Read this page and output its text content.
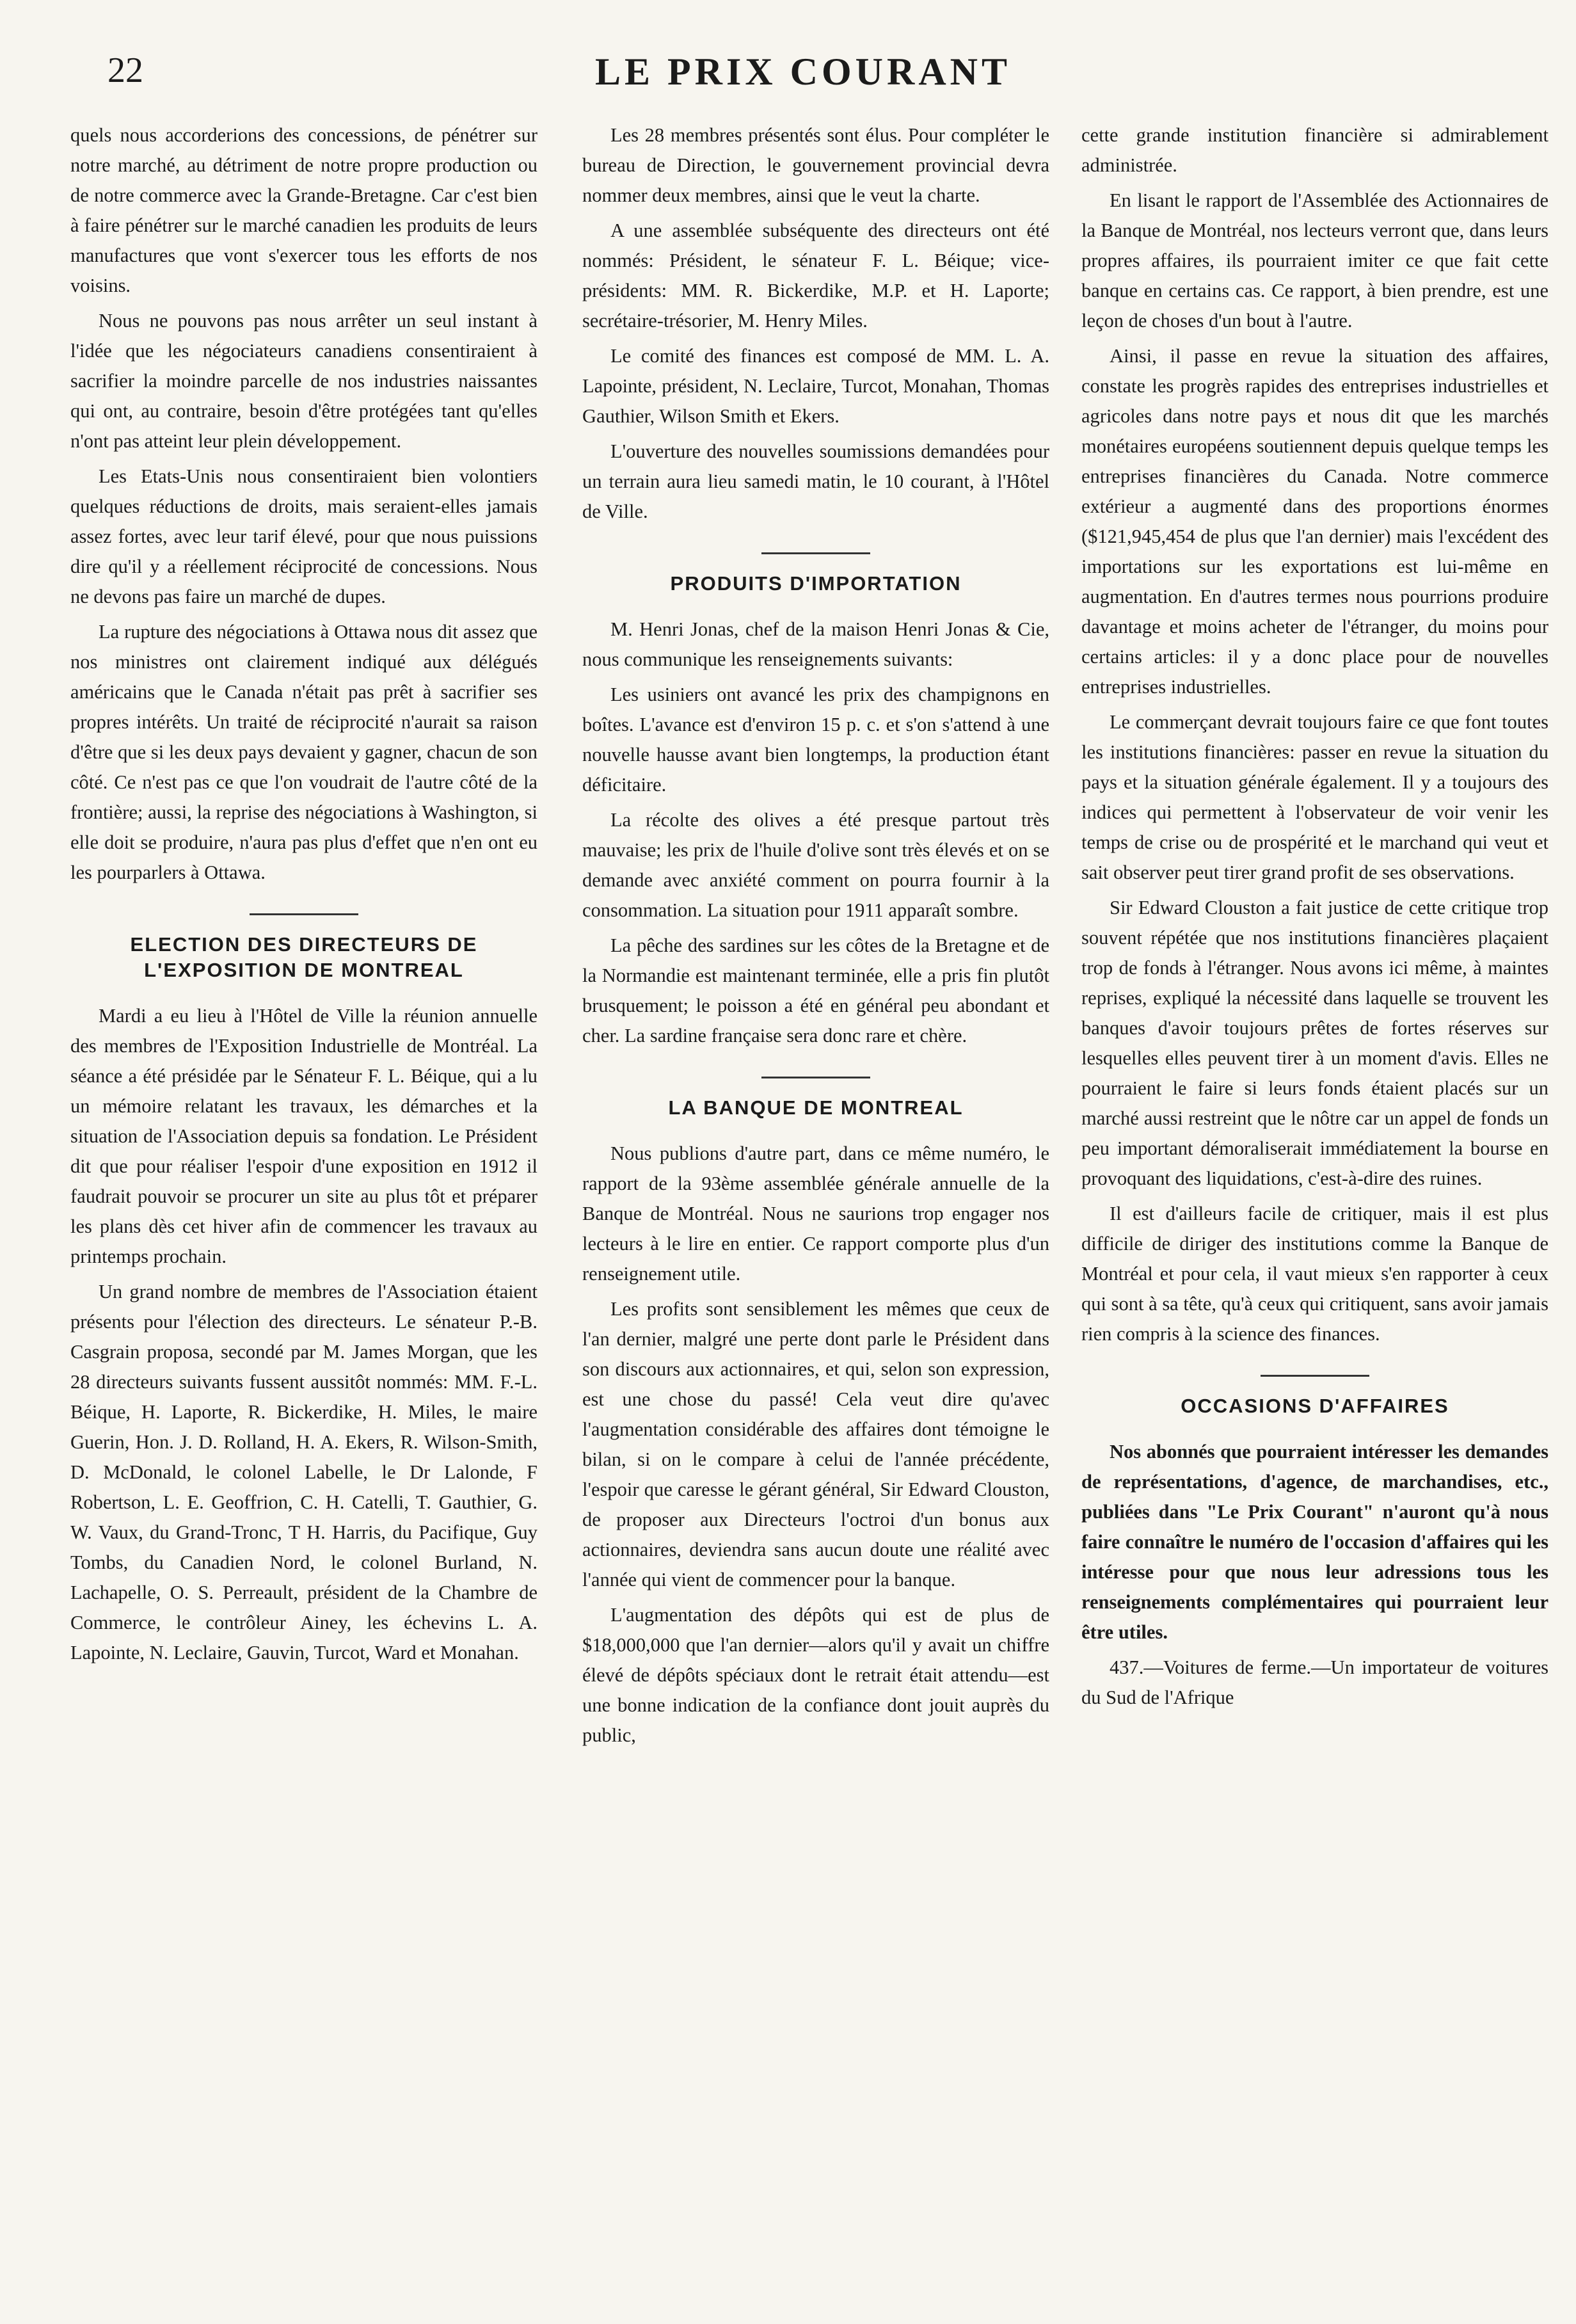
22	LE PRIX COURANT

quels nous accorderions des concessions, de pénétrer sur notre marché, au détriment de notre propre production ou de notre commerce avec la Grande-Bretagne. Car c'est bien à faire pénétrer sur le marché canadien les produits de leurs manufactures que vont s'exercer tous les efforts de nos voisins.

Nous ne pouvons pas nous arrêter un seul instant à l'idée que les négociateurs canadiens consentiraient à sacrifier la moindre parcelle de nos industries naissantes qui ont, au contraire, besoin d'être protégées tant qu'elles n'ont pas atteint leur plein développement.

Les Etats-Unis nous consentiraient bien volontiers quelques réductions de droits, mais seraient-elles jamais assez fortes, avec leur tarif élevé, pour que nous puissions dire qu'il y a réellement réciprocité de concessions. Nous ne devons pas faire un marché de dupes.

La rupture des négociations à Ottawa nous dit assez que nos ministres ont clairement indiqué aux délégués américains que le Canada n'était pas prêt à sacrifier ses propres intérêts. Un traité de réciprocité n'aurait sa raison d'être que si les deux pays devaient y gagner, chacun de son côté. Ce n'est pas ce que l'on voudrait de l'autre côté de la frontière; aussi, la reprise des négociations à Washington, si elle doit se produire, n'aura pas plus d'effet que n'en ont eu les pourparlers à Ottawa.

ELECTION DES DIRECTEURS DE L'EXPOSITION DE MONTREAL

Mardi a eu lieu à l'Hôtel de Ville la réunion annuelle des membres de l'Exposition Industrielle de Montréal. La séance a été présidée par le Sénateur F. L. Béique, qui a lu un mémoire relatant les travaux, les démarches et la situation de l'Association depuis sa fondation. Le Président dit que pour réaliser l'espoir d'une exposition en 1912 il faudrait pouvoir se procurer un site au plus tôt et préparer les plans dès cet hiver afin de commencer les travaux au printemps prochain.

Un grand nombre de membres de l'Association étaient présents pour l'élection des directeurs. Le sénateur P.-B. Casgrain proposa, secondé par M. James Morgan, que les 28 directeurs suivants fussent aussitôt nommés: MM. F.-L. Béique, H. Laporte, R. Bickerdike, H. Miles, le maire Guerin, Hon. J. D. Rolland, H. A. Ekers, R. Wilson-Smith, D. McDonald, le colonel Labelle, le Dr Lalonde, F Robertson, L. E. Geoffrion, C. H. Catelli, T. Gauthier, G. W. Vaux, du Grand-Tronc, T H. Harris, du Pacifique, Guy Tombs, du Canadien Nord, le colonel Burland, N. Lachapelle, O. S. Perreault, président de la Chambre de Commerce, le contrôleur Ainey, les échevins L. A. Lapointe, N. Leclaire, Gauvin, Turcot, Ward et Monahan.

Les 28 membres présentés sont élus. Pour compléter le bureau de Direction, le gouvernement provincial devra nommer deux membres, ainsi que le veut la charte.

A une assemblée subséquente des directeurs ont été nommés: Président, le sénateur F. L. Béique; vice-présidents: MM. R. Bickerdike, M.P. et H. Laporte; secrétaire-trésorier, M. Henry Miles.

Le comité des finances est composé de MM. L. A. Lapointe, président, N. Leclaire, Turcot, Monahan, Thomas Gauthier, Wilson Smith et Ekers.

L'ouverture des nouvelles soumissions demandées pour un terrain aura lieu samedi matin, le 10 courant, à l'Hôtel de Ville.

PRODUITS D'IMPORTATION

M. Henri Jonas, chef de la maison Henri Jonas & Cie, nous communique les renseignements suivants:

Les usiniers ont avancé les prix des champignons en boîtes. L'avance est d'environ 15 p. c. et s'on s'attend à une nouvelle hausse avant bien longtemps, la production étant déficitaire.

La récolte des olives a été presque partout très mauvaise; les prix de l'huile d'olive sont très élevés et on se demande avec anxiété comment on pourra fournir à la consommation. La situation pour 1911 apparaît sombre.

La pêche des sardines sur les côtes de la Bretagne et de la Normandie est maintenant terminée, elle a pris fin plutôt brusquement; le poisson a été en général peu abondant et cher. La sardine française sera donc rare et chère.

LA BANQUE DE MONTREAL

Nous publions d'autre part, dans ce même numéro, le rapport de la 93ème assemblée générale annuelle de la Banque de Montréal. Nous ne saurions trop engager nos lecteurs à le lire en entier. Ce rapport comporte plus d'un renseignement utile.

Les profits sont sensiblement les mêmes que ceux de l'an dernier, malgré une perte dont parle le Président dans son discours aux actionnaires, et qui, selon son expression, est une chose du passé! Cela veut dire qu'avec l'augmentation considérable des affaires dont témoigne le bilan, si on le compare à celui de l'année précédente, l'espoir que caresse le gérant général, Sir Edward Clouston, de proposer aux Directeurs l'octroi d'un bonus aux actionnaires, deviendra sans aucun doute une réalité avec l'année qui vient de commencer pour la banque.

L'augmentation des dépôts qui est de plus de $18,000,000 que l'an dernier—alors qu'il y avait un chiffre élevé de dépôts spéciaux dont le retrait était attendu—est une bonne indication de la confiance dont jouit auprès du public,

cette grande institution financière si admirablement administrée.

En lisant le rapport de l'Assemblée des Actionnaires de la Banque de Montréal, nos lecteurs verront que, dans leurs propres affaires, ils pourraient imiter ce que fait cette banque en certains cas. Ce rapport, à bien prendre, est une leçon de choses d'un bout à l'autre.

Ainsi, il passe en revue la situation des affaires, constate les progrès rapides des entreprises industrielles et agricoles dans notre pays et nous dit que les marchés monétaires européens soutiennent depuis quelque temps les entreprises financières du Canada. Notre commerce extérieur a augmenté dans des proportions énormes ($121,945,454 de plus que l'an dernier) mais l'excédent des importations sur les exportations est lui-même en augmentation. En d'autres termes nous pourrions produire davantage et moins acheter de l'étranger, du moins pour certains articles: il y a donc place pour de nouvelles entreprises industrielles.

Le commerçant devrait toujours faire ce que font toutes les institutions financières: passer en revue la situation du pays et la situation générale également. Il y a toujours des indices qui permettent à l'observateur de voir venir les temps de crise ou de prospérité et le marchand qui veut et sait observer peut tirer grand profit de ses observations.

Sir Edward Clouston a fait justice de cette critique trop souvent répétée que nos institutions financières plaçaient trop de fonds à l'étranger. Nous avons ici même, à maintes reprises, expliqué la nécessité dans laquelle se trouvent les banques d'avoir toujours prêtes de fortes réserves sur lesquelles elles peuvent tirer à un moment d'avis. Elles ne pourraient le faire si leurs fonds étaient placés sur un marché aussi restreint que le nôtre car un appel de fonds un peu important démoraliserait immédiatement la bourse en provoquant des liquidations, c'est-à-dire des ruines.

Il est d'ailleurs facile de critiquer, mais il est plus difficile de diriger des institutions comme la Banque de Montréal et pour cela, il vaut mieux s'en rapporter à ceux qui sont à sa tête, qu'à ceux qui critiquent, sans avoir jamais rien compris à la science des finances.

OCCASIONS D'AFFAIRES

Nos abonnés que pourraient intéresser les demandes de représentations, d'agence, de marchandises, etc., publiées dans "Le Prix Courant" n'auront qu'à nous faire connaître le numéro de l'occasion d'affaires qui les intéresse pour que nous leur adressions tous les renseignements complémentaires qui pourraient leur être utiles.

437.—Voitures de ferme.—Un importateur de voitures du Sud de l'Afrique
